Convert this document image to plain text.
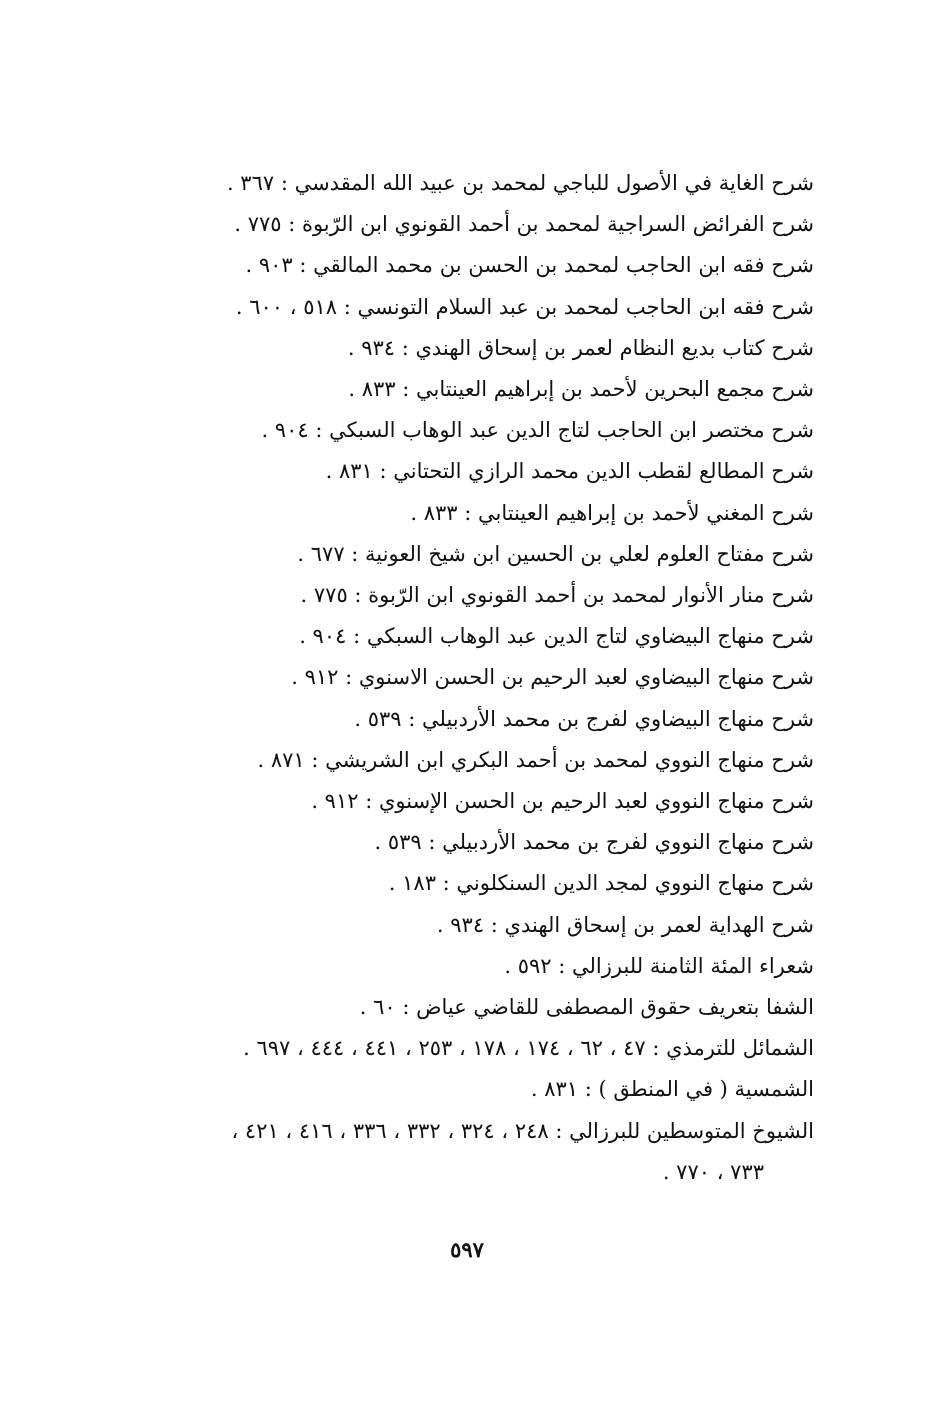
شرح الغاية في الأصول للباجي لمحمد بن عبيد الله المقدسي : ٣٦٧ .
شرح الفرائض السراجية لمحمد بن أحمد القونوي ابن الرّبوة : ٧٧٥ .
شرح فقه ابن الحاجب لمحمد بن الحسن بن محمد المالقي : ٩٠٣ .
شرح فقه ابن الحاجب لمحمد بن عبد السلام التونسي : ٥١٨ ، ٦٠٠ .
شرح كتاب بديع النظام لعمر بن إسحاق الهندي : ٩٣٤ .
شرح مجمع البحرين لأحمد بن إبراهيم العينتابي : ٨٣٣ .
شرح مختصر ابن الحاجب لتاج الدين عبد الوهاب السبكي : ٩٠٤ .
شرح المطالع لقطب الدين محمد الرازي التحتاني : ٨٣١ .
شرح المغني لأحمد بن إبراهيم العينتابي : ٨٣٣ .
شرح مفتاح العلوم لعلي بن الحسين ابن شيخ العونية : ٦٧٧ .
شرح منار الأنوار لمحمد بن أحمد القونوي ابن الرّبوة : ٧٧٥ .
شرح منهاج البيضاوي لتاج الدين عبد الوهاب السبكي : ٩٠٤ .
شرح منهاج البيضاوي لعبد الرحيم بن الحسن الاسنوي : ٩١٢ .
شرح منهاج البيضاوي لفرج بن محمد الأردبيلي : ٥٣٩ .
شرح منهاج النووي لمحمد بن أحمد البكري ابن الشريشي : ٨٧١ .
شرح منهاج النووي لعبد الرحيم بن الحسن الإسنوي : ٩١٢ .
شرح منهاج النووي لفرج بن محمد الأردبيلي : ٥٣٩ .
شرح منهاج النووي لمجد الدين السنكلوني : ١٨٣ .
شرح الهداية لعمر بن إسحاق الهندي : ٩٣٤ .
شعراء المئة الثامنة للبرزالي : ٥٩٢ .
الشفا بتعريف حقوق المصطفى للقاضي عياض : ٦٠ .
الشمائل للترمذي : ٤٧ ، ٦٢ ، ١٧٤ ، ١٧٨ ، ٢٥٣ ، ٤٤١ ، ٤٤٤ ، ٦٩٧ .
الشمسية ( في المنطق ) : ٨٣١ .
الشيوخ المتوسطين للبرزالي : ٢٤٨ ، ٣٢٤ ، ٣٣٢ ، ٣٣٦ ، ٤١٦ ، ٤٢١ ،
٧٣٣ ، ٧٧٠ .
٥٩٧
